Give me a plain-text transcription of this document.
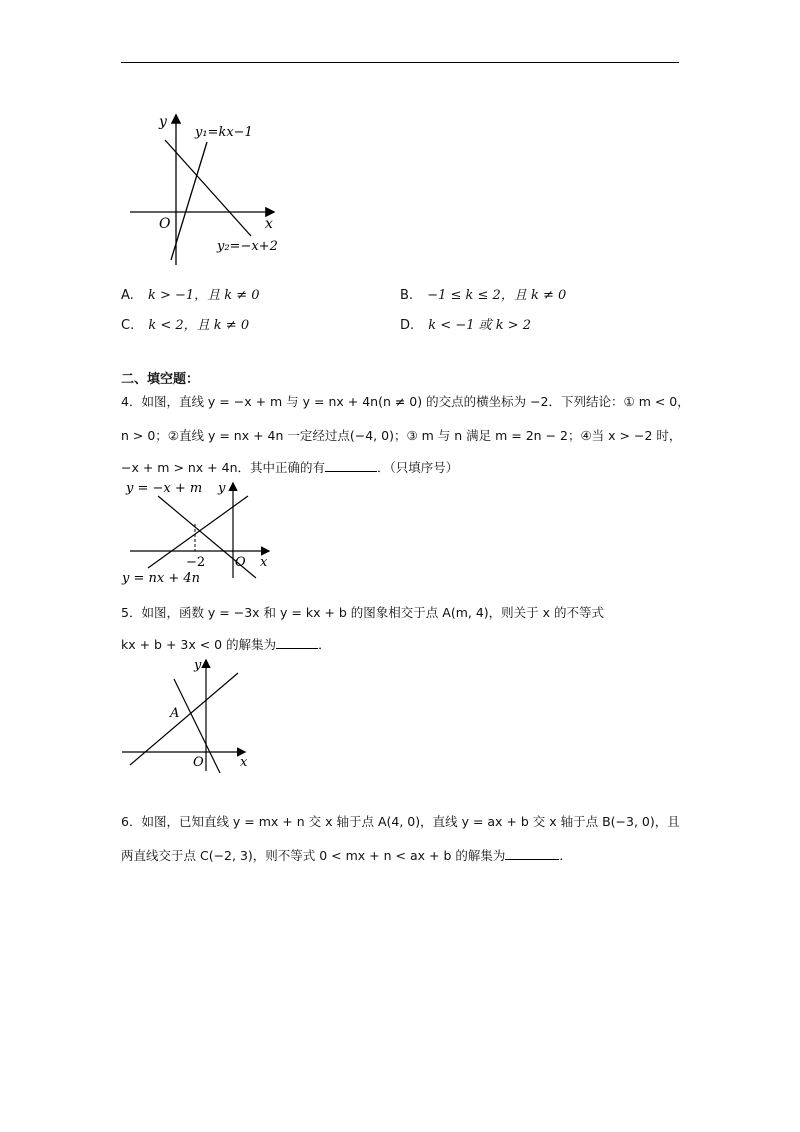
y
x
O
y₁=kx−1
y₂=−x+2
A. k > −1，且 k ≠ 0	B. −1 ≤ k ≤ 2，且 k ≠ 0
C. k < 2，且 k ≠ 0	D. k < −1 或 k > 2
二、填空题：
4．如图，直线 y = −x + m 与 y = nx + 4n(n ≠ 0) 的交点的横坐标为 −2．下列结论：① m < 0，
n > 0；②直线 y = nx + 4n 一定经过点(−4, 0)；③ m 与 n 满足 m = 2n − 2；④当 x > −2 时，
−x + m > nx + 4n．其中正确的有	．（只填序号）
y = −x + m
y = nx + 4n
−2 O x
y
5．如图，函数 y = −3x 和 y = kx + b 的图象相交于点 A(m, 4)，则关于 x 的不等式
kx + b + 3x < 0 的解集为	．
A
O	x
y
6．如图，已知直线 y = mx + n 交 x 轴于点 A(4, 0)，直线 y = ax + b 交 x 轴于点 B(−3, 0)，且
两直线交于点 C(−2, 3)，则不等式 0 < mx + n < ax + b 的解集为	．
